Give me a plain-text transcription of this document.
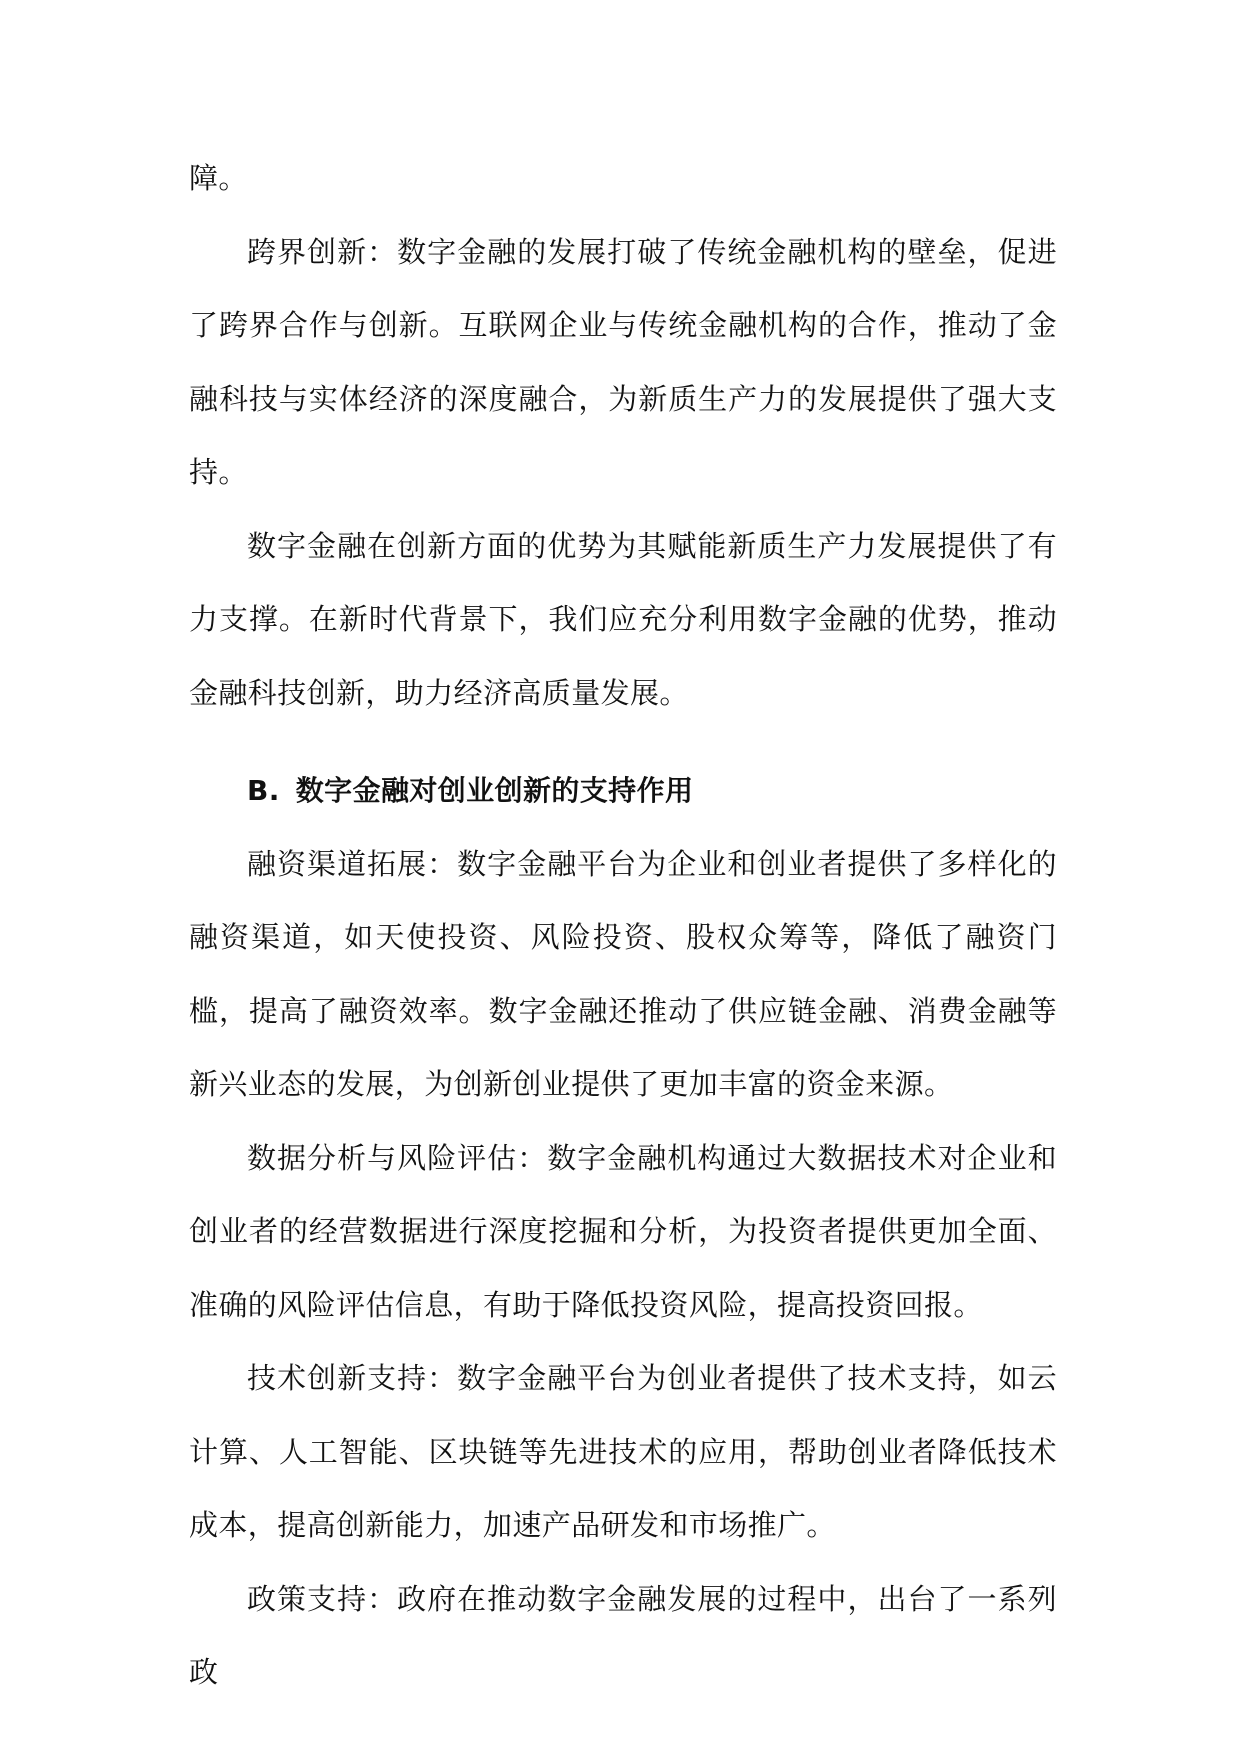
障。

跨界创新：数字金融的发展打破了传统金融机构的壁垒，促进了跨界合作与创新。互联网企业与传统金融机构的合作，推动了金融科技与实体经济的深度融合，为新质生产力的发展提供了强大支持。

数字金融在创新方面的优势为其赋能新质生产力发展提供了有力支撑。在新时代背景下，我们应充分利用数字金融的优势，推动金融科技创新，助力经济高质量发展。

B. 数字金融对创业创新的支持作用

融资渠道拓展：数字金融平台为企业和创业者提供了多样化的融资渠道，如天使投资、风险投资、股权众筹等，降低了融资门槛，提高了融资效率。数字金融还推动了供应链金融、消费金融等新兴业态的发展，为创新创业提供了更加丰富的资金来源。

数据分析与风险评估：数字金融机构通过大数据技术对企业和创业者的经营数据进行深度挖掘和分析，为投资者提供更加全面、准确的风险评估信息，有助于降低投资风险，提高投资回报。

技术创新支持：数字金融平台为创业者提供了技术支持，如云计算、人工智能、区块链等先进技术的应用，帮助创业者降低技术成本，提高创新能力，加速产品研发和市场推广。

政策支持：政府在推动数字金融发展的过程中，出台了一系列政
